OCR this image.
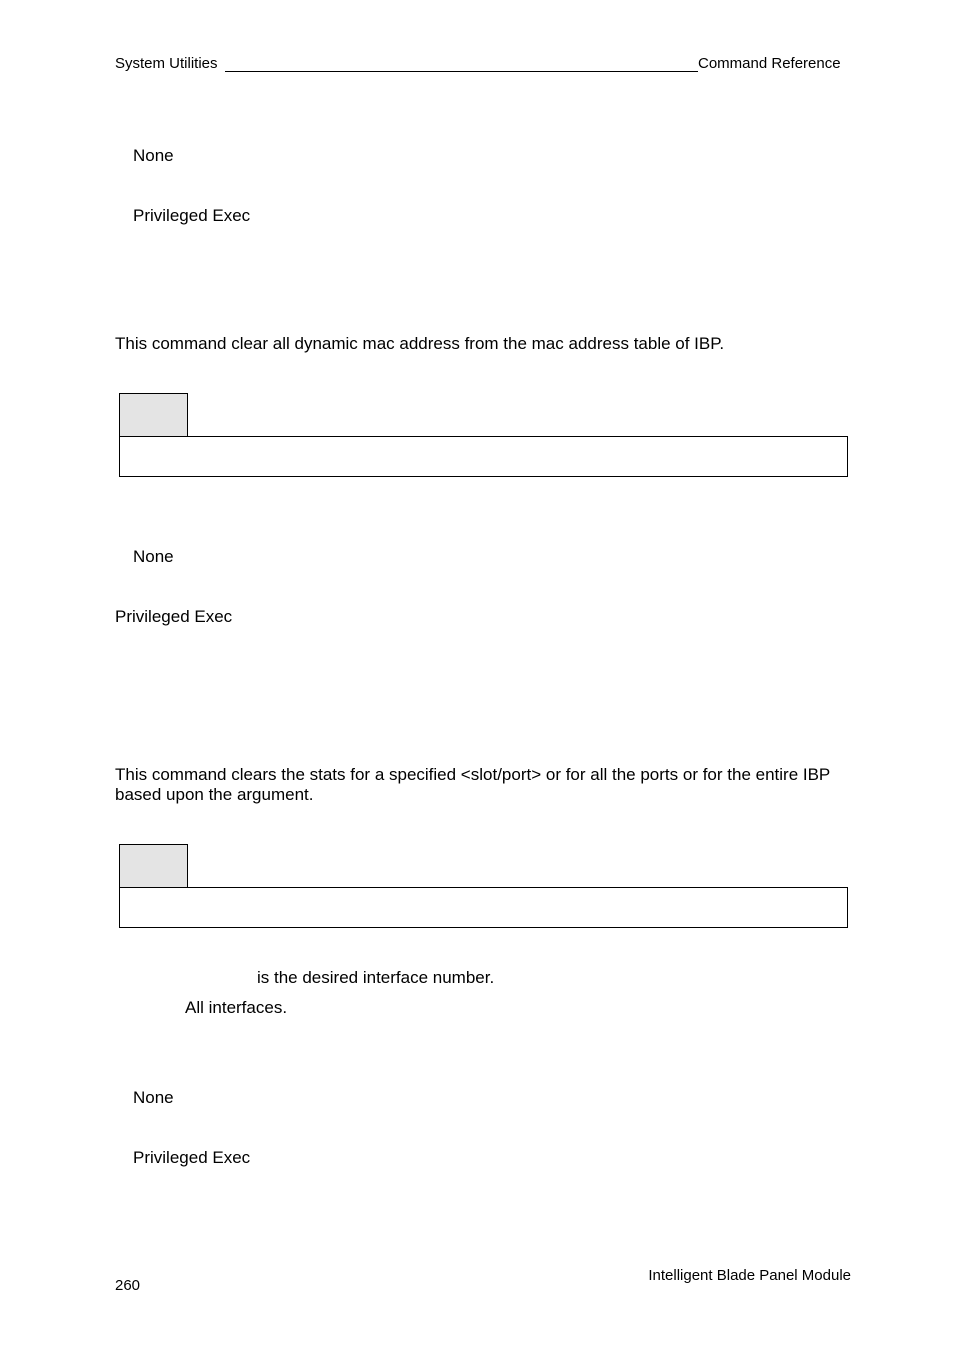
System Utilities	Command Reference
None
Privileged Exec
This command clear all dynamic mac address from the mac address table of IBP.
None
Privileged Exec
This command clears the stats for a specified <slot/port> or for all the ports or for the entire IBP based upon the argument.
is the desired interface number.
All interfaces.
None
Privileged Exec
260
Intelligent Blade Panel Module
